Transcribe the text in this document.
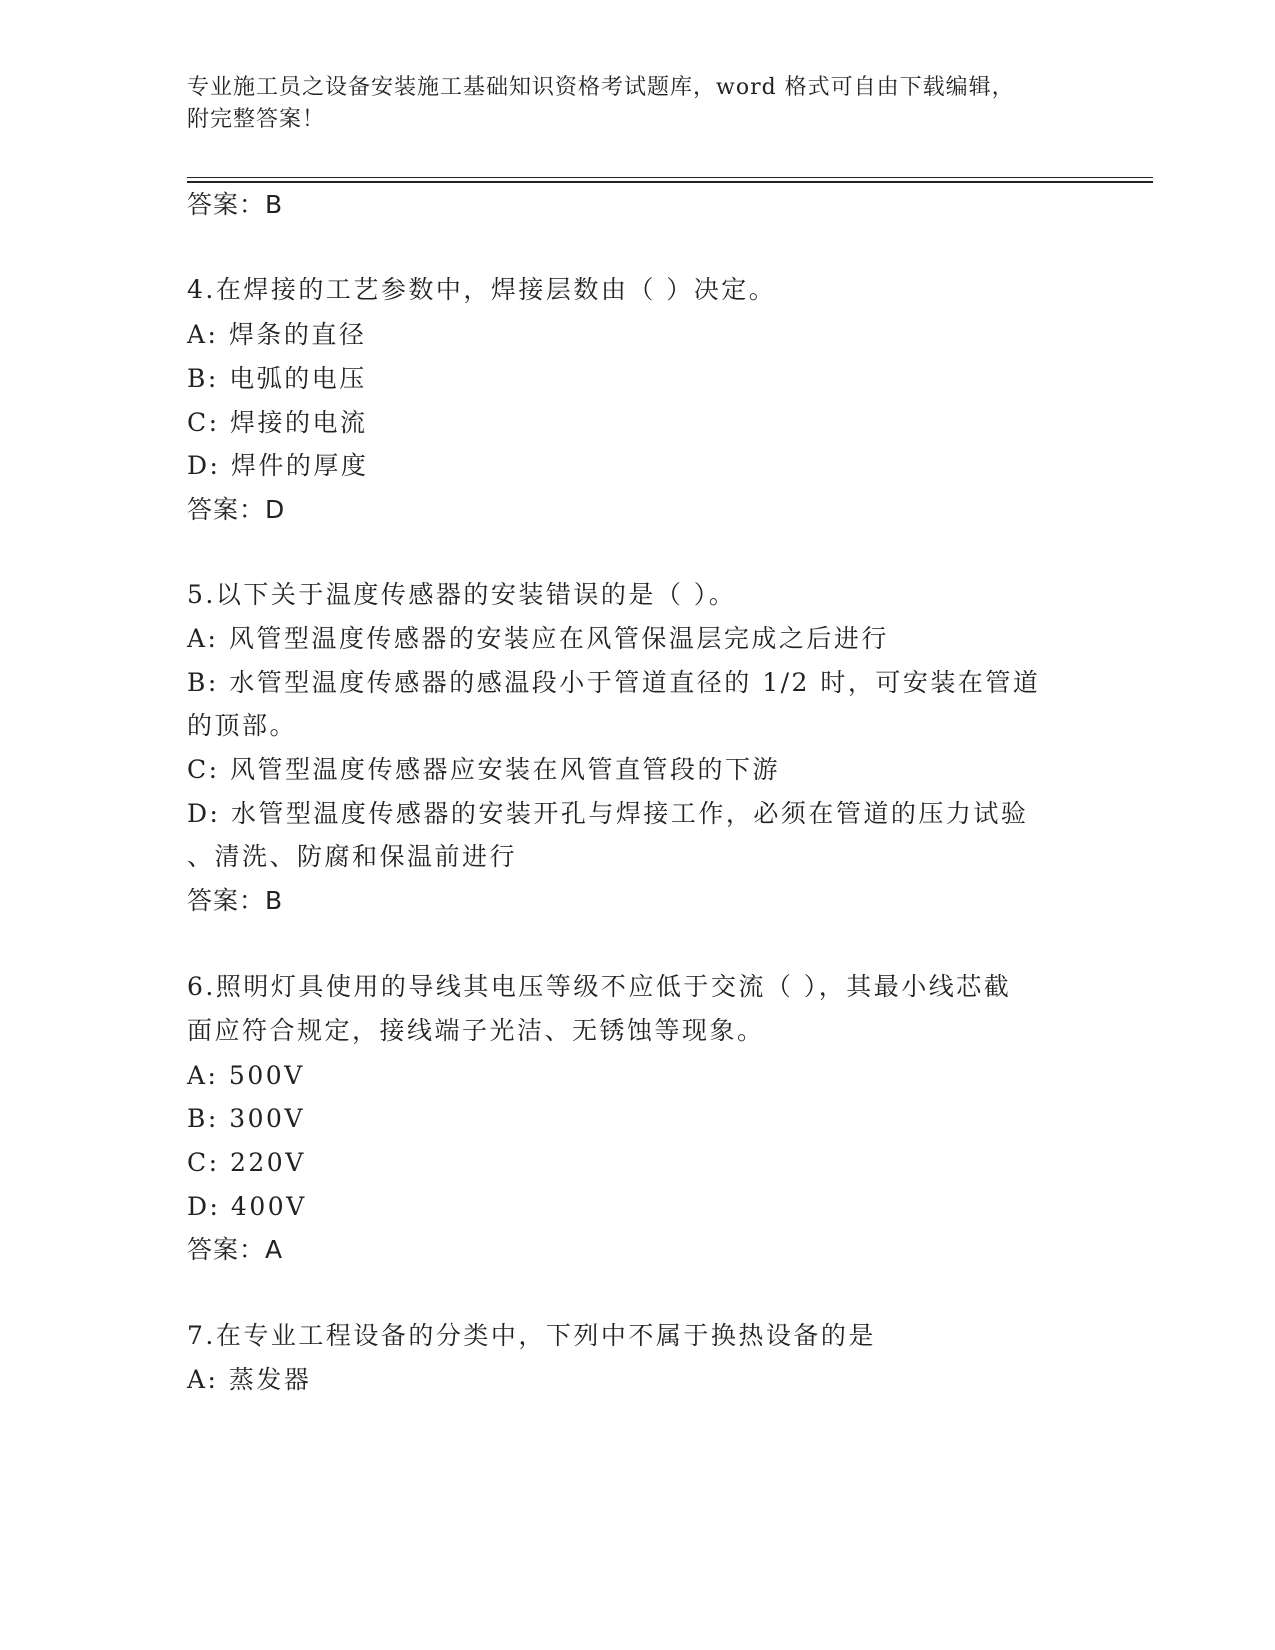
专业施工员之设备安装施工基础知识资格考试题库，word 格式可自由下载编辑，
附完整答案！
答案：B
4.在焊接的工艺参数中，焊接层数由（ ）决定。
A: 焊条的直径
B: 电弧的电压
C: 焊接的电流
D: 焊件的厚度
答案：D
5.以下关于温度传感器的安装错误的是（ ）。
A: 风管型温度传感器的安装应在风管保温层完成之后进行
B: 水管型温度传感器的感温段小于管道直径的 1/2 时，可安装在管道
的顶部。
C: 风管型温度传感器应安装在风管直管段的下游
D: 水管型温度传感器的安装开孔与焊接工作，必须在管道的压力试验
、清洗、防腐和保温前进行
答案：B
6.照明灯具使用的导线其电压等级不应低于交流（ ），其最小线芯截
面应符合规定，接线端子光洁、无锈蚀等现象。
A: 500V
B: 300V
C: 220V
D: 400V
答案：A
7.在专业工程设备的分类中，下列中不属于换热设备的是
A: 蒸发器
